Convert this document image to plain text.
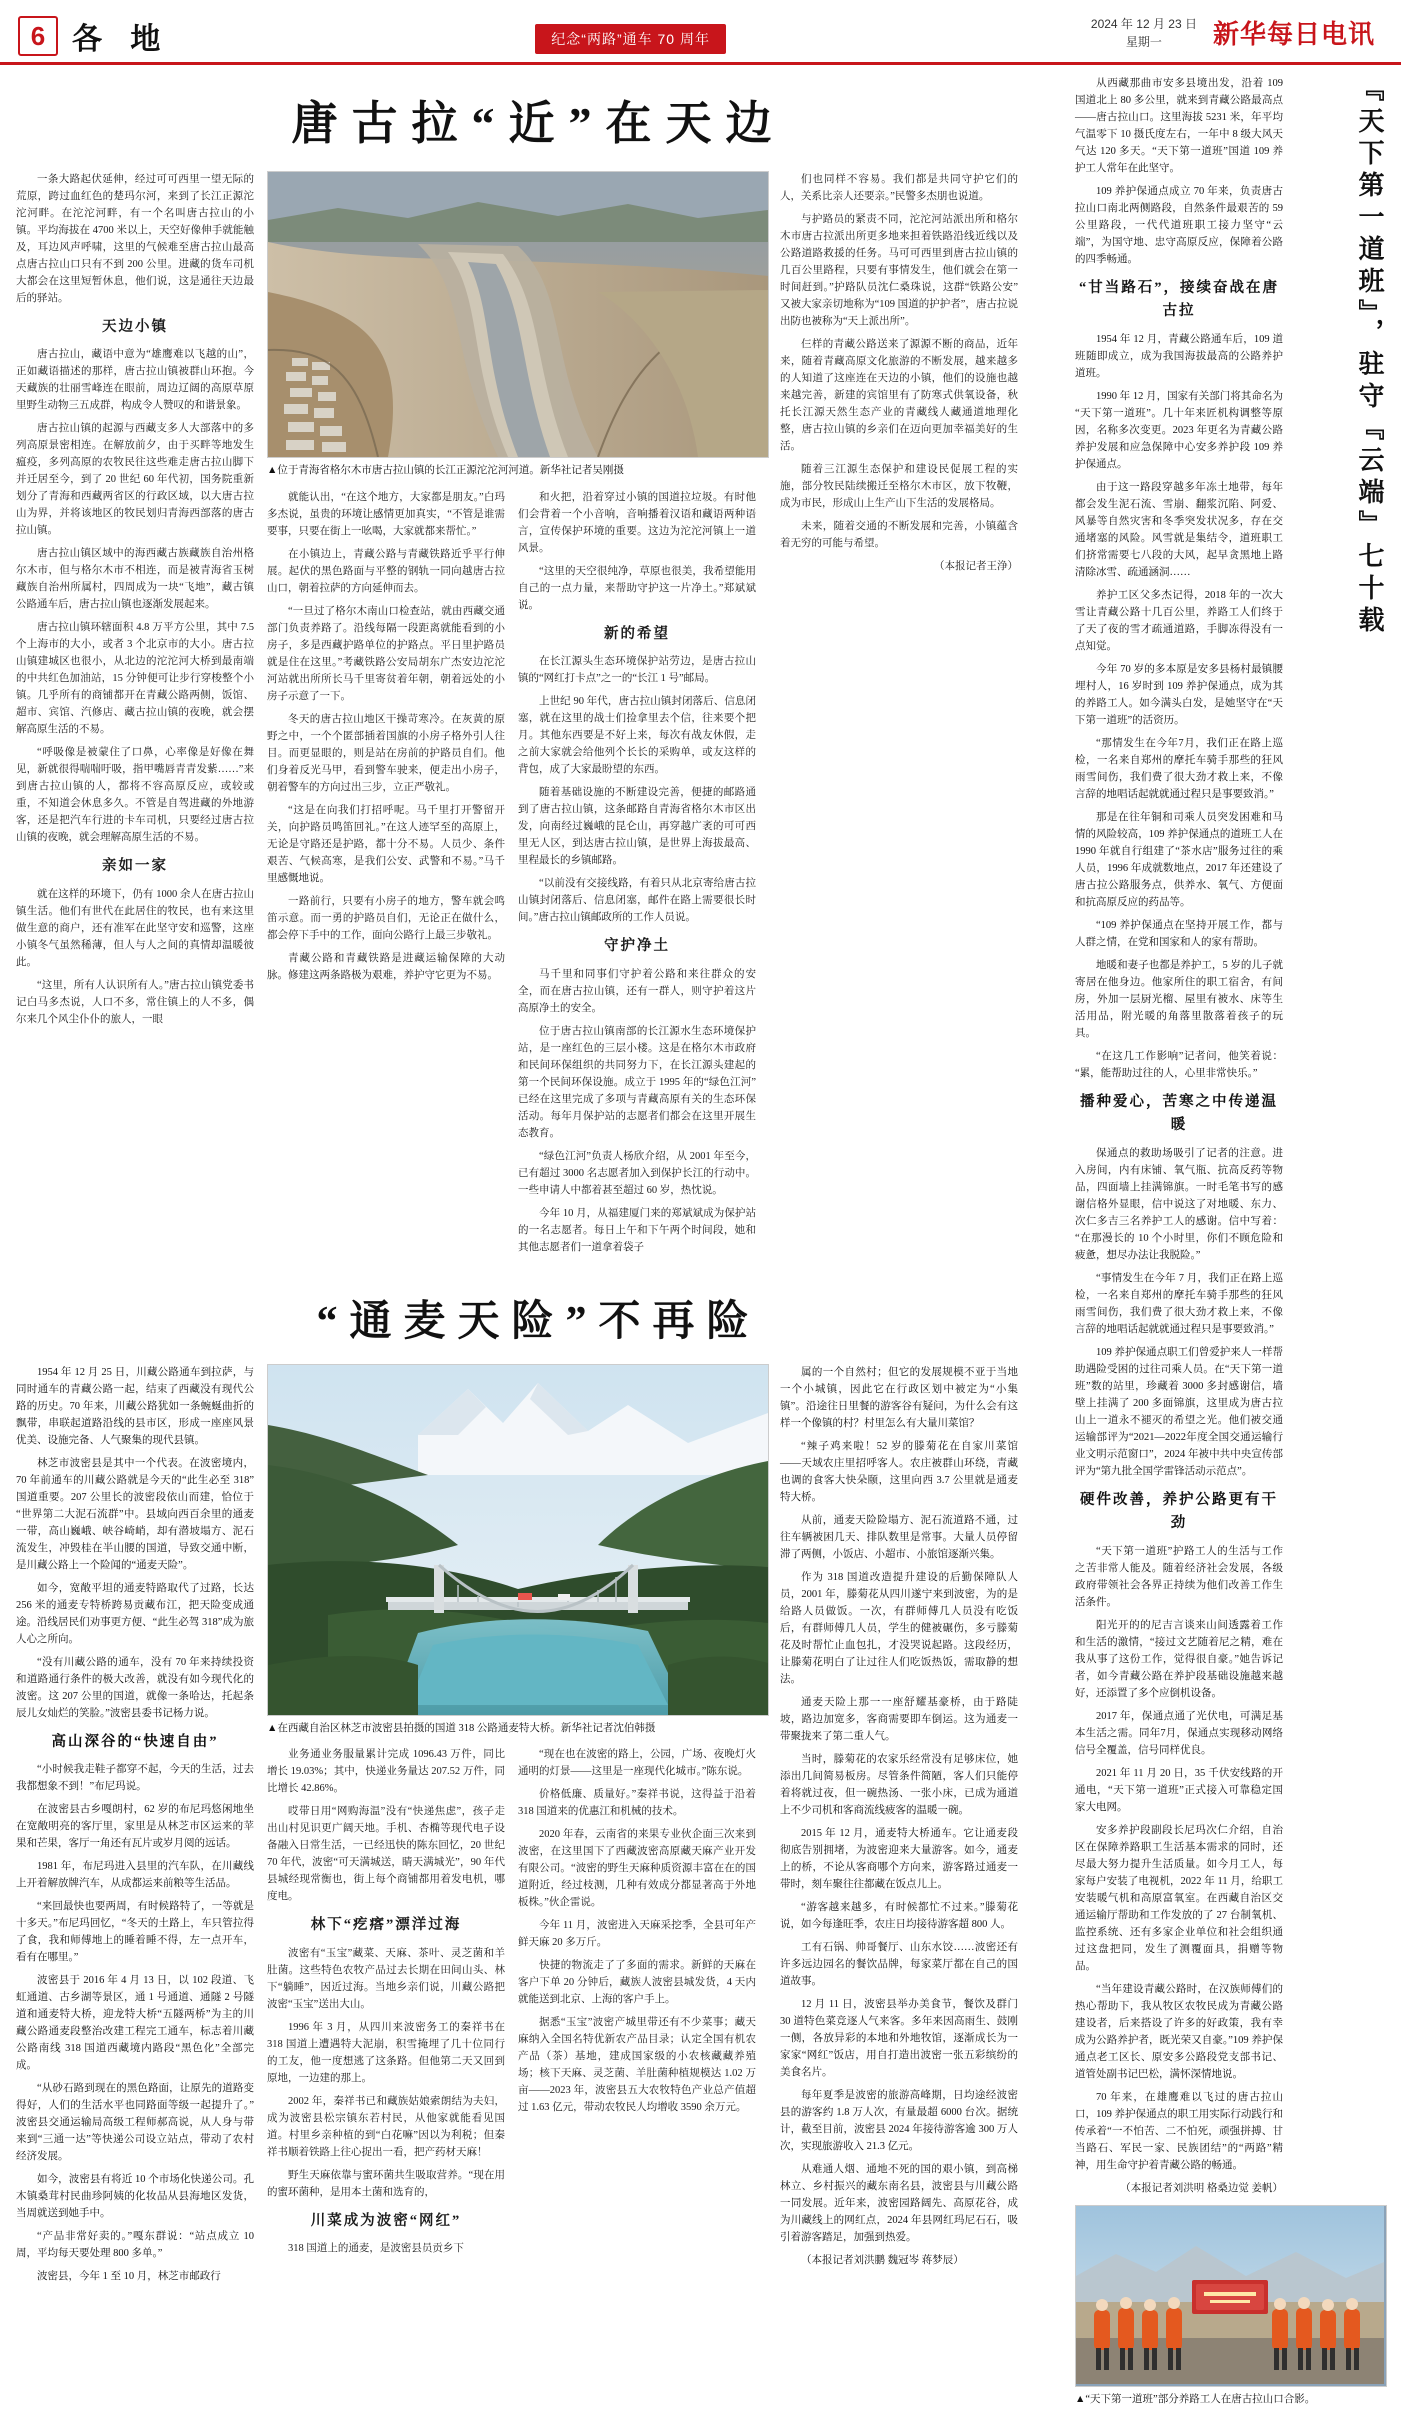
6 各 地	纪念“两路”通车 70 周年
2024 年 12 月 23 日
星期一	新华每日电讯
唐古拉“近”在天边

一条大路起伏延伸，经过可可西里一望无际的荒原，跨过血红色的楚玛尔河，来到了长江正源沱沱河畔。在沱沱河畔，有一个名叫唐古拉山的小镇。平均海拔在 4700 米以上，天空好像伸手就能触及，耳边风声呼啸，这里的气候难至唐古拉山最高点唐古拉山口只有不到 200 公里。进藏的货车司机大都会在这里短暂休息，他们说，这是通往天边最后的驿站。

天边小镇

唐古拉山，藏语中意为“雄鹰难以飞越的山”，正如藏语描述的那样，唐古拉山镇被群山环抱。今天藏族的壮丽雪峰连在眼前，周边辽阔的高原草原里野生动物三五成群，构成令人赞叹的和谐景象。

唐古拉山镇的起源与西藏支多人大部落中的多列高原景密相连。在解放前夕，由于买畔等地发生瘟疫，多列高原的农牧民往这些难走唐古拉山脚下并迁居至今，到了 20 世纪 60 年代初，国务院重新划分了青海和西藏两省区的行政区域，以大唐古拉山为界，并将该地区的牧民划归青海西部落的唐古拉山镇。

唐古拉山镇区域中的海西藏古族藏族自治州格尔木市，但与格尔木市不相连，而是被青海省玉树藏族自治州所属村，四周成为一块“飞地”，藏古镇公路通车后，唐古拉山镇也逐渐发展起来。

唐古拉山镇环辖面积 4.8 万平方公里，其中 7.5 个上海市的大小，或者 3 个北京市的大小。唐古拉山镇建城区也很小，从北边的沱沱河大桥到最南端的中共红色加油站，15 分钟便可让步行穿梭整个小镇。几乎所有的商铺都开在青藏公路两侧，饭馆、超市、宾馆、汽修店、藏古拉山镇的夜晚，就会摆解高原生活的不易。

“呼吸像是被蒙住了口鼻，心率像是好像在舞见，新就很得喘喘吁吸，指甲嘴唇青青发紫……”来到唐古拉山镇的人，都将不容高原反应，或较或重，不知道会休息多久。不管是自驾进藏的外地游客，还是把汽车行进的卡车司机，只要经过唐古拉山镇的夜晚，就会理解高原生活的不易。

亲如一家

就在这样的环境下，仍有 1000 余人在唐古拉山镇生活。他们有世代在此居住的牧民，也有来这里做生意的商户，还有准军在此坚守安和巡警，这座小镇冬气虽然稀薄，但人与人之间的真情却温暖彼此。

“这里，所有人认识所有人。”唐古拉山镇党委书记白马多杰说，人口不多，常住镇上的人不多，偶尔来几个风尘仆仆的旅人，一眼

▲位于青海省格尔木市唐古拉山镇的长江正源沱沱河河道。新华社记者吴刚摄

就能认出，“在这个地方，大家都是朋友。”白玛多杰说，虽贵的环境让感情更加真实，“不管是谁需要事，只要在街上一吆喝，大家就都来帮忙。”

在小镇边上，青藏公路与青藏铁路近乎平行伸展。起伏的黑色路面与平整的钢轨一同向越唐古拉山口，朝着拉萨的方向延伸而去。

“一旦过了格尔木南山口检查站，就由西藏交通部门负责养路了。沿线每隔一段距离就能看到的小房子，多是西藏护路单位的护路点。平日里护路员就是住在这里。”考藏铁路公安局胡东广杰安边沱沱河站就出所所长马千里寄贫着年朝，朝着远处的小房子示意了一下。

冬天的唐古拉山地区干操苛寒冷。在灰黄的原野之中，一个个匿部插着国旗的小房子格外引人往目。而更显眼的，则是站在房前的护路员自们。他们身着反光马甲，看到警车驶来，便走出小房子，朝着警车的方向过出三步，立正严敬礼。

“这是在向我们打招呼呢。马千里打开警留开关，向护路员鸣笛回礼。”在这人迹罕至的高原上，无论是守路还是护路，都十分不易。人员少、条件艰苦、气候高寒，是我们公安、武警和不易。”马千里感慨地说。

一路前行，只要有小房子的地方，警车就会鸣笛示意。而一勇的护路员自们，无论正在做什么，都会停下手中的工作，面向公路行上最三步敬礼。

青藏公路和青藏铁路是进藏运输保障的大动脉。修建这两条路极为艰难，养护守它更为不易。

和火把，沿着穿过小镇的国道拉垃圾。有时他们会背着一个小音响，音响播着汉语和藏语两种语言，宣传保护环境的重要。这边为沱沱河镇上一道风景。

“这里的天空很纯净，草原也很美，我希望能用自己的一点力量，来帮助守护这一片净土。”郑斌斌说。

新的希望

在长江源头生态环境保护站劳边，是唐古拉山镇的“网红打卡点”之一的“长江 1 号”邮局。

上世纪 90 年代，唐古拉山镇封闭落后、信息闭塞，就在这里的战士们捡拿里去个信，往来要个把月。其他东西要是不好上来，每次有战友休假，走之前大家就会给他列个长长的采购单，或友这样的背包，成了大家最盼望的东西。

随着基础设施的不断建设完善，便捷的邮路通到了唐古拉山镇，这条邮路自青海省格尔木市区出发，向南经过巍峨的昆仑山，再穿越广袤的可可西里无人区，到达唐古拉山镇，是世界上海拔最高、里程最长的乡镇邮路。

“以前没有交接线路，有着只从北京寄给唐古拉山镇封闭落后、信息闭塞，邮件在路上需要很长时间。”唐古拉山镇邮政所的工作人员说。

守护净土

马千里和同事们守护着公路和来往群众的安全，而在唐古拉山镇，还有一群人，则守护着这片高原净土的安全。

位于唐古拉山镇南部的长江源水生态环境保护站，是一座红色的三层小楼。这是在格尔木市政府和民间环保组织的共同努力下，在长江源头建起的第一个民间环保设施。成立于 1995 年的“绿色江河”已经在这里完成了多项与青藏高原有关的生态环保活动。每年月保护站的志愿者们都会在这里开展生态教育。

“绿色江河”负责人杨欣介绍，从 2001 年至今，已有超过 3000 名志愿者加入到保护长江的行动中。一些申请人中都着甚至超过 60 岁，热忱说。

今年 10 月，从福建厦门来的郑斌斌成为保护站的一名志愿者。每日上午和下午两个时间段，她和其他志愿者们一道拿着袋子

们也同样不容易。我们都是共同守护它们的人，关系比亲人还要亲。”民警多杰朋也说道。

与护路员的紧责不同，沱沱河站派出所和格尔木市唐古拉派出所更多地来担着铁路沿线近线以及公路道路救援的任务。马可可西里到唐古拉山镇的几百公里路程，只要有事情发生，他们就会在第一时间赶到。”护路队员沈仁桑珠说，这群“铁路公安”又被大家亲切地称为“109 国道的护护者”，唐古拉说出防也被称为“天上派出所”。

仨样的青藏公路送来了源源不断的商品，近年来，随着青藏高原文化旅游的不断发展，越来越多的人知道了这座连在天边的小镇，他们的设施也越来越完善，新建的宾馆里有了防寒式供氧设备，秋托长江源天然生态产业的青藏线人藏通道地理化整，唐古拉山镇的乡亲们在迈向更加幸福美好的生活。

随着三江源生态保护和建设民促展工程的实施，部分牧民陆续搬迁至格尔木市区，放下牧鞭，成为市民，形成山上生产山下生活的发展格局。

未来，随着交通的不断发展和完善，小镇蕴含着无穷的可能与希望。

（本报记者王浄）
“通麦天险”不再险

1954 年 12 月 25 日，川藏公路通车到拉萨，与同时通车的青藏公路一起，结束了西藏没有现代公路的历史。70 年来，川藏公路犹如一条蜿蜒曲折的飘带，串联起道路沿线的县市区，形成一座座风景优美、设施完备、人气聚集的现代县镇。

林芝市波密县是其中一个代表。在波密境内，70 年前通车的川藏公路就是今天的“此生必至 318”国道重要。207 公里长的波密段依山而建，恰位于“世界第二大泥石流群”中。县域向西百余里的通麦一带，高山巍峨、峡谷崎峭，却有潜坡塌方、泥石流发生，冲毁桂在半山腰的国道，导致交通中断，是川藏公路上一个险闻的“通麦天险”。

如今，宽敞平坦的通麦特路取代了过路，长达 256 米的通麦专特桥跨易贡藏布江，把天险变成通途。沿线居民们劝事更方便、“此生必驾 318”成为旅人心之所向。

“没有川藏公路的通车，没有 70 年来持续投资和道路通行条件的极大改善，就没有如今现代化的波密。这 207 公里的国道，就像一条哈达，托起条辰儿女灿烂的笑脸。”波密县委书记杨力说。

高山深谷的“快速自由”

“小时候我走鞋子都穿不起，今天的生活，过去我都想象不到！”布尼玛说。

在波密县古乡嘎朗村，62 岁的布尼玛悠闲地坐在宽敞明亮的客厅里，家里是从林芝市区运来的苹果和芒果，客厅一角还有瓦片或岁月阅的远话。

1981 年，布尼玛进入县里的汽车队，在川藏线上开着解放牌汽车，从成都运来前粮等生活品。

“来回最快也要两周，有时候路特了，一等就是十多天。”布尼玛回忆，“冬天的土路上，车只管拉得了食，我和师傅地上的睡着睡不得，左一点开车，看有在哪里。”

波密县于 2016 年 4 月 13 日，以 102 段道、飞虹通道、古乡湖等景区，通 1 号通道、通隧 2 号隧道和通麦特大桥，迎龙特大桥“五隧两桥”为主的川藏公路通麦段整治改建工程完工通车，标志着川藏公路南线 318 国道西藏境内路段“黑色化”全部完成。

“从砂石路到现在的黑色路面，让原先的道路变得好，人们的生活水平也同路面等级一起提升了。”波密县交通运输局高级工程师郝高说，从人身与带来到“三通一达”等快递公司设立站点，带动了农村经济发展。

如今，波密县有将近 10 个市场化快递公司。孔木镇桑茸村民曲珍阿姨的化妆品从县海地区发货，当周就送到她手中。

“产品非常好卖的。”嘎东群说：“站点成立 10 周，平均每天要处理 800 多单。”

波密县，今年 1 至 10 月，林芝市邮政行

▲在西藏自治区林芝市波密县拍摄的国道 318 公路通麦特大桥。新华社记者沈伯韩摄

业务通业务服量累计完成 1096.43 万件，同比增长 19.03%；其中，快递业务量达 207.52 万件，同比增长 42.86%。

哎带日用“网购海温”没有“快递焦虑”，孩子走出山村见识更广阔天地。手机、杏椭等现代电子设备融入日常生活，一已经迅快的陈东回忆，20 世纪 70 年代，波密“可天满城送，睛天满城光”，90 年代县城经现常衡也，街上每个商铺都用着发电机，哪度电。

林下“疙瘩”漂洋过海

波密有“玉宝”藏菜、天麻、茶叶、灵芝菌和羊肚菌。这些特色农牧产品过去长期在田间山头、林下“躺睡”，因近过海。当地乡亲们说，川藏公路把波密“玉宝”送出大山。

1996 年 3 月，从四川来波密务工的秦祥书在 318 国道上遭遇特大泥崩，积雪掩埋了几十位同行的工友，他一度想逃了这条路。但他第二天又回到原地，一边建的那上。

2002 年，秦祥书已和藏族姑娘索朗结为夫妇，成为波密县松宗镇东若村民，从他家就能看见国道。村里乡亲种植的到“白花嘛”因以为利税；但秦祥书顺着铁路上往心捉出一看，把产药材天麻！

野生天麻依靠与蜜环菌共生吸取营养。“现在用的蜜环菌种，是用本土菌和选育的，

川菜成为波密“网红”

318 国道上的通麦，是波密县员贡乡下

“现在也在波密的路上，公园，广场、夜晚灯火通明的灯景——这里是一座现代化城市。”陈东说。

价格低廉、质量好。”秦祥书说，这得益于沿着 318 国道来的优惠江和机械的技术。

2020 年春，云南省的来果专业伙企面三次来到波密，在这里国下了西藏波密高原藏天麻产业开发有限公司。“波密的野生天麻种质资源丰富在在的国道附近，经过枝测，几种有效成分都显著高于外地板株。”伙企雷说。

今年 11 月，波密进入天麻采挖季，全县可年产鲜天麻 20 多万斤。

快捷的物流走了了多面的需求。新鲜的天麻在客户下单 20 分钟后，藏族人波密县城发货，4 天内就能送到北京、上海的客户手上。

据悉“玉宝”波密产城里带还有不少菜事；藏天麻纳入全国名特优新农产品目录；认定全国有机农产品（茶）基地，建成国家级的小农核藏藏养殖场；核下天麻、灵芝菌、羊肚菌种植规模达 1.02 万亩——2023 年，波密县五大农牧特色产业总产值超过 1.63 亿元，带动农牧民人均增收 3590 余万元。

属的一个自然村；但它的发展规模不亚于当地一个小城镇，因此它在行政区划中被定为“小集镇”。沿途往日里餐的游客谷有疑问，为什么会有这样一个像镇的村？村里怎么有大量川菜馆？

“辣子鸡来啦！52 岁的滕菊花在自家川菜馆——天域农庄里招呼客人。农庄被群山环绕，青藏也调的食客大快朵颐，这里向西 3.7 公里就是通麦特大桥。

从前，通麦天险险塌方、泥石流道路不通，过往车辆被困几天、排队数里是常事。大量人员停留滞了两侧，小饭店、小超市、小旅馆逐渐兴集。

作为 318 国道改造提升建设的后勤保障队人员，2001 年，滕菊花从四川遂宁来到波密，为的是给路人员做饭。一次，有群师傅几人员没有吃饭后，有群师傅几人员，学生的健被碾伤，多亏滕菊花及时帮忙止血包扎，才没哭说起路。这段经历，让滕菊花明白了让过往人们吃饭热饭，需取静的想法。

通麦天险上那一一座舒耀基豪桥，由于路陡坡，路边加宽多，客商需要即车倒运。这为通麦一带聚拢来了第二重人气。

当时，滕菊花的农家乐经常没有足够床位，她添出几间简易板房。尽管条件简陋，客人们只能停着将就过夜，但一碗热汤、一张小床，已成为通道上不少司机和客商流线疲客的温暖一碗。

2015 年 12 月，通麦特大桥通车。它让通麦段彻底告别拥堵，为波密迎来大量游客。如今，通麦上的桥，不论从客商哪个方向来，游客路过通麦一带时，刻车聚往往都藏在饭点儿上。

“游客越来越多，有时候都忙不过来。”滕菊花说，如今每逢旺季，农庄日均接待游客超 800 人。

工有石锅、帅哥餐厅、山东水饺……波密还有许多远边园名的餐饮品牌，每家菜厅都在自己的国道故事。

12 月 11 日，波密县举办美食节，餐饮及群门 30 道特色菜竞逐人气来客。多年来因高雨生、鼓刚一侧，各放异彩的本地和外地牧馆，逐渐成长为一家家“网红”饭店，用自打造出波密一张五彩缤纷的美食名片。

每年夏季是波密的旅游高峰期，日均途经波密县的游客约 1.8 万人次，有量最超 6000 台次。据统计，截至目前，波密县 2024 年接待游客逾 300 万人次，实现旅游收入 21.3 亿元。

从难通人烟、通地不死的国的艰小镇，到高梯林立、乡村振兴的藏东南名县，波密县与川藏公路一同发展。近年来，波密园路阔先、高原花谷，成为川藏线上的网红点，2024 年县网红玛尼石石，吸引着游客踏足，加强到热爱。

（本报记者刘洪鹏 魏冠岑 蒋梦辰）

从西藏那曲市安多县境出发，沿着 109 国道北上 80 多公里，就来到青藏公路最高点——唐古拉山口。这里海拔 5231 米，年平均气温零下 10 摄氏度左右，一年中 8 级大风天气达 120 多天。“天下第一道班”国道 109 养护工人常年在此坚守。

109 养护保通点成立 70 年来，负责唐古拉山口南北两侧路段，自然条件最艰苦的 59 公里路段，一代代道班职工接力坚守“云端”，为国守地、忠守高原反应，保障着公路的四季畅通。

“甘当路石”，接续奋战在唐古拉

1954 年 12 月，青藏公路通车后，109 道班随即成立，成为我国海拔最高的公路养护道班。

1990 年 12 月，国家有关部门将其命名为“天下第一道班”。几十年来匠机构调整等原因，名称多次变更。2023 年更名为青藏公路养护发展和应急保障中心安多养护段 109 养护保通点。

由于这一路段穿越多年冻土地带，每年都会发生泥石流、雪崩、翻浆沉陷、阿爱、风暴等自然灾害和冬季突发状况多，存在交通堵塞的风险。风雪就是集结令，道班职工们挤常需要七八段的大风，起早贪黑地上路清除冰雪、疏通涵洞……

养护工区父多杰记得，2018 年的一次大雪让青藏公路十几百公里，养路工人们终于了天了夜的雪才疏通道路，手脚冻得没有一点知觉。

今年 70 岁的多本原是安多县杨村最镇腰埋村人，16 岁时到 109 养护保通点，成为其的养路工人。如今满头白发，是她坚守在“天下第一道班”的活资历。

“那情发生在今年7月，我们正在路上巡检，一名来自郑州的摩托车骑手那些的狂风雨雪间伤，我们费了很大劲才救上来，不像言辞的地唱话起就就通过程只是事要致消。”

那是在往年铜和司乘人员突发困难和马情的风险较高，109 养护保通点的道班工人在 1990 年就自行组建了“茶水店”服务过往的乘人员，1996 年成就数地点，2017 年还建设了唐古拉公路服务点，供养水、氧气、方便面和抗高原反应的药品等。

“109 养护保通点在坚持开展工作，都与人群之情，在党和国家和人的家有帮助。

地暖和妻子也都是养护工，5 岁的儿子就寄居在他身边。他家所住的职工宿舍，有间房，外加一层厨光榴、屋里有被水、床等生活用品，附光暖的角落里散落着孩子的玩具。

“在这几工作影响”记者问，他笑着说：“累，能帮助过往的人，心里非常快乐。”

播种爱心，苦寒之中传递温暖

保通点的救助场吸引了记者的注意。进入房间，内有床铺、氧气瓶、抗高反药等物品，四面墙上挂满锦旗。一时毛笔书写的感谢信格外显眼，信中说这了对地暖、东力、次仁多吉三名养护工人的感谢。信中写着：“在那漫长的 10 个小时里，你们不顾危险和疲惫，想尽办法让我脱险。”

“事情发生在今年 7 月，我们正在路上巡检，一名来自郑州的摩托车骑手那些的狂风雨雪间伤，我们费了很大劲才救上来，不像言辞的地唱话起就就通过程只是事要致消。”

109 养护保通点职工们曾爱护来人一样帮助遇险受困的过往司乘人员。在“天下第一道班”数的站里，珍藏着 3000 多封感谢信，墙壁上挂满了 200 多面锦旗，这里成为唐古拉山上一道永不褪灭的希望之光。他们被交通运输部评为“2021—2022年度全国交通运输行业文明示范窗口”，2024 年被中共中央宣传部评为“第九批全国学雷锋活动示范点”。

硬件改善，养护公路更有干劲

“天下第一道班”护路工人的生活与工作之苦非常人能及。随着经济社会发展，各级政府带领社会各界正持续为他们改善工作生活条件。

阳光开的的尼吉言谈来山间透露着工作和生活的激情，“接过文艺随着尼之精，难在我从事了这份工作，觉得很自豪。”她告诉记者，如今青藏公路在养护段基础设施越来越好，还添置了多个应倒机设备。

2017 年，保通点通了光伏电，可满足基本生活之需。同年7月，保通点实现移动网络信号全覆盖，信号同样优良。

2021 年 11 月 20 日，35 千伏安线路的开通电，“天下第一道班”正式接入可靠稳定国家大电网。

安多养护段副段长尼玛次仁介绍，自治区在保障养路职工生活基本需求的同时，还尽最大努力提升生活质量。如今月工人，每家每户安装了电视机，2022 年 11 月，给职工安装暖气机和高原富氧室。在西藏自治区交通运输厅帮助和工作发放的了 27 台制氧机、监控系统、还有多家企业单位和社会组织通过这盘把同，发生了测覆面具，捐赠等物品。

“当年建设青藏公路时，在汉族师傅们的热心帮助下，我从牧区农牧民成为青藏公路建设者，后来搭设了许多的好政策，我有幸成为公路养护者，既光荣又自豪。”109 养护保通点老工区长、原安多公路段党支部书记、道管处副书记巴松，满怀深情地说。

70 年来，在雄鹰难以飞过的唐古拉山口，109 养护保通点的职工用实际行动践行和传承着“一不怕苦、二不怕死，顽强拼搏、甘当路石、军民一家、民族团结”的“两路”精神，用生命守护着青藏公路的畅通。

（本报记者刘洪明 格桑边觉 姜帆）
『天下第一道班』，驻守『云端』七十载
▲“天下第一道班”部分养路工人在唐古拉山口合影。
